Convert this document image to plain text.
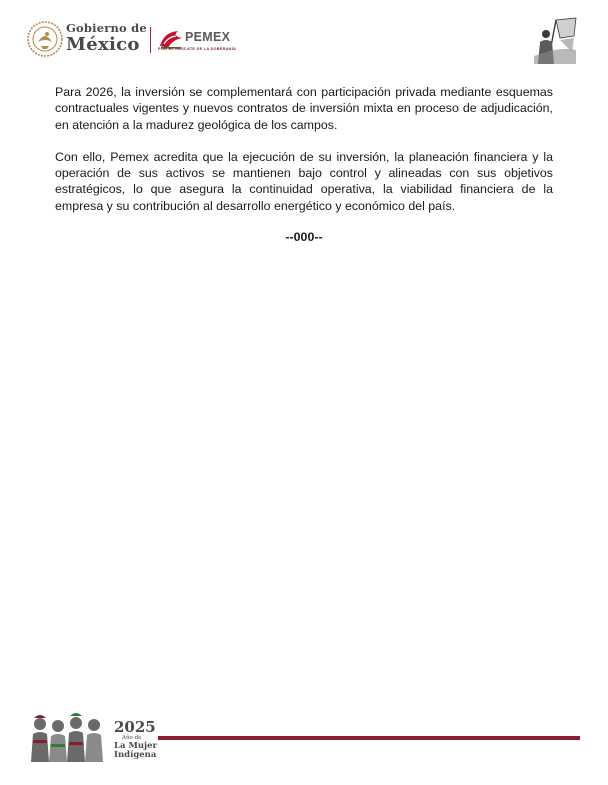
Gobierno de
México	PEMEX
POR EL RESCATE DE LA SOBERANÍA

Para 2026, la inversión se complementará con participación privada mediante esquemas contractuales vigentes y nuevos contratos de inversión mixta en proceso de adjudicación, en atención a la madurez geológica de los campos.

Con ello, Pemex acredita que la ejecución de su inversión, la planeación financiera y la operación de sus activos se mantienen bajo control y alineadas con sus objetivos estratégicos, lo que asegura la continuidad operativa, la viabilidad financiera de la empresa y su contribución al desarrollo energético y económico del país.

--000--
2025
Año de
La Mujer
Indígena
